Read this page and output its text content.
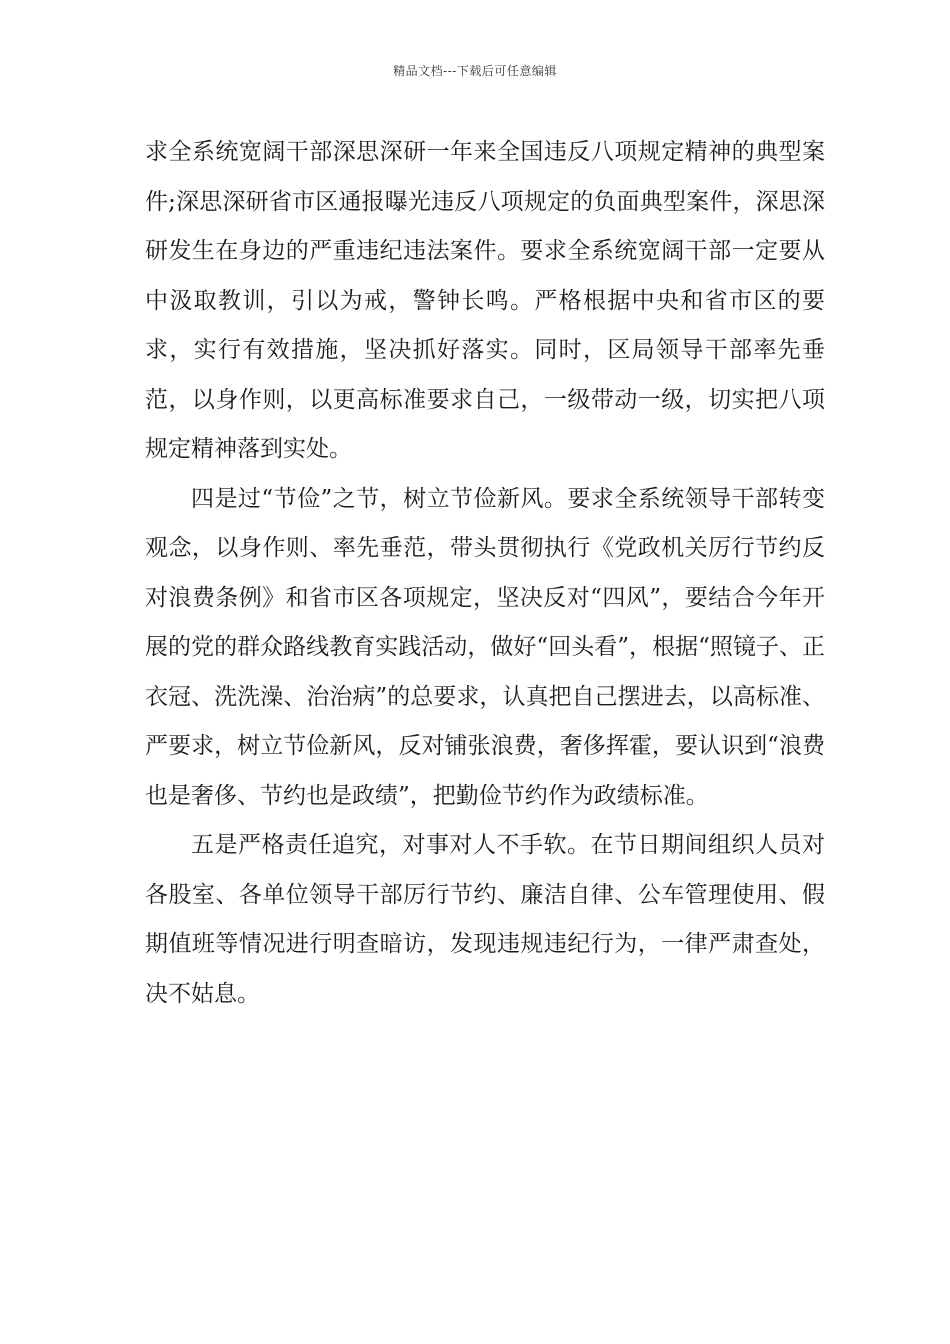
精品文档---下载后可任意编辑

求全系统宽阔干部深思深研一年来全国违反八项规定精神的典型案件;深思深研省市区通报曝光违反八项规定的负面典型案件，深思深研发生在身边的严重违纪违法案件。要求全系统宽阔干部一定要从中汲取教训，引以为戒，警钟长鸣。严格根据中央和省市区的要求，实行有效措施，坚决抓好落实。同时，区局领导干部率先垂范，以身作则，以更高标准要求自己，一级带动一级，切实把八项规定精神落到实处。

四是过“节俭”之节，树立节俭新风。要求全系统领导干部转变观念，以身作则、率先垂范，带头贯彻执行《党政机关厉行节约反对浪费条例》和省市区各项规定，坚决反对“四风”，要结合今年开展的党的群众路线教育实践活动，做好“回头看”，根据“照镜子、正衣冠、洗洗澡、治治病”的总要求，认真把自己摆进去，以高标准、严要求，树立节俭新风，反对铺张浪费，奢侈挥霍，要认识到“浪费也是奢侈、节约也是政绩”，把勤俭节约作为政绩标准。

五是严格责任追究，对事对人不手软。在节日期间组织人员对各股室、各单位领导干部厉行节约、廉洁自律、公车管理使用、假期值班等情况进行明查暗访，发现违规违纪行为，一律严肃查处，决不姑息。
